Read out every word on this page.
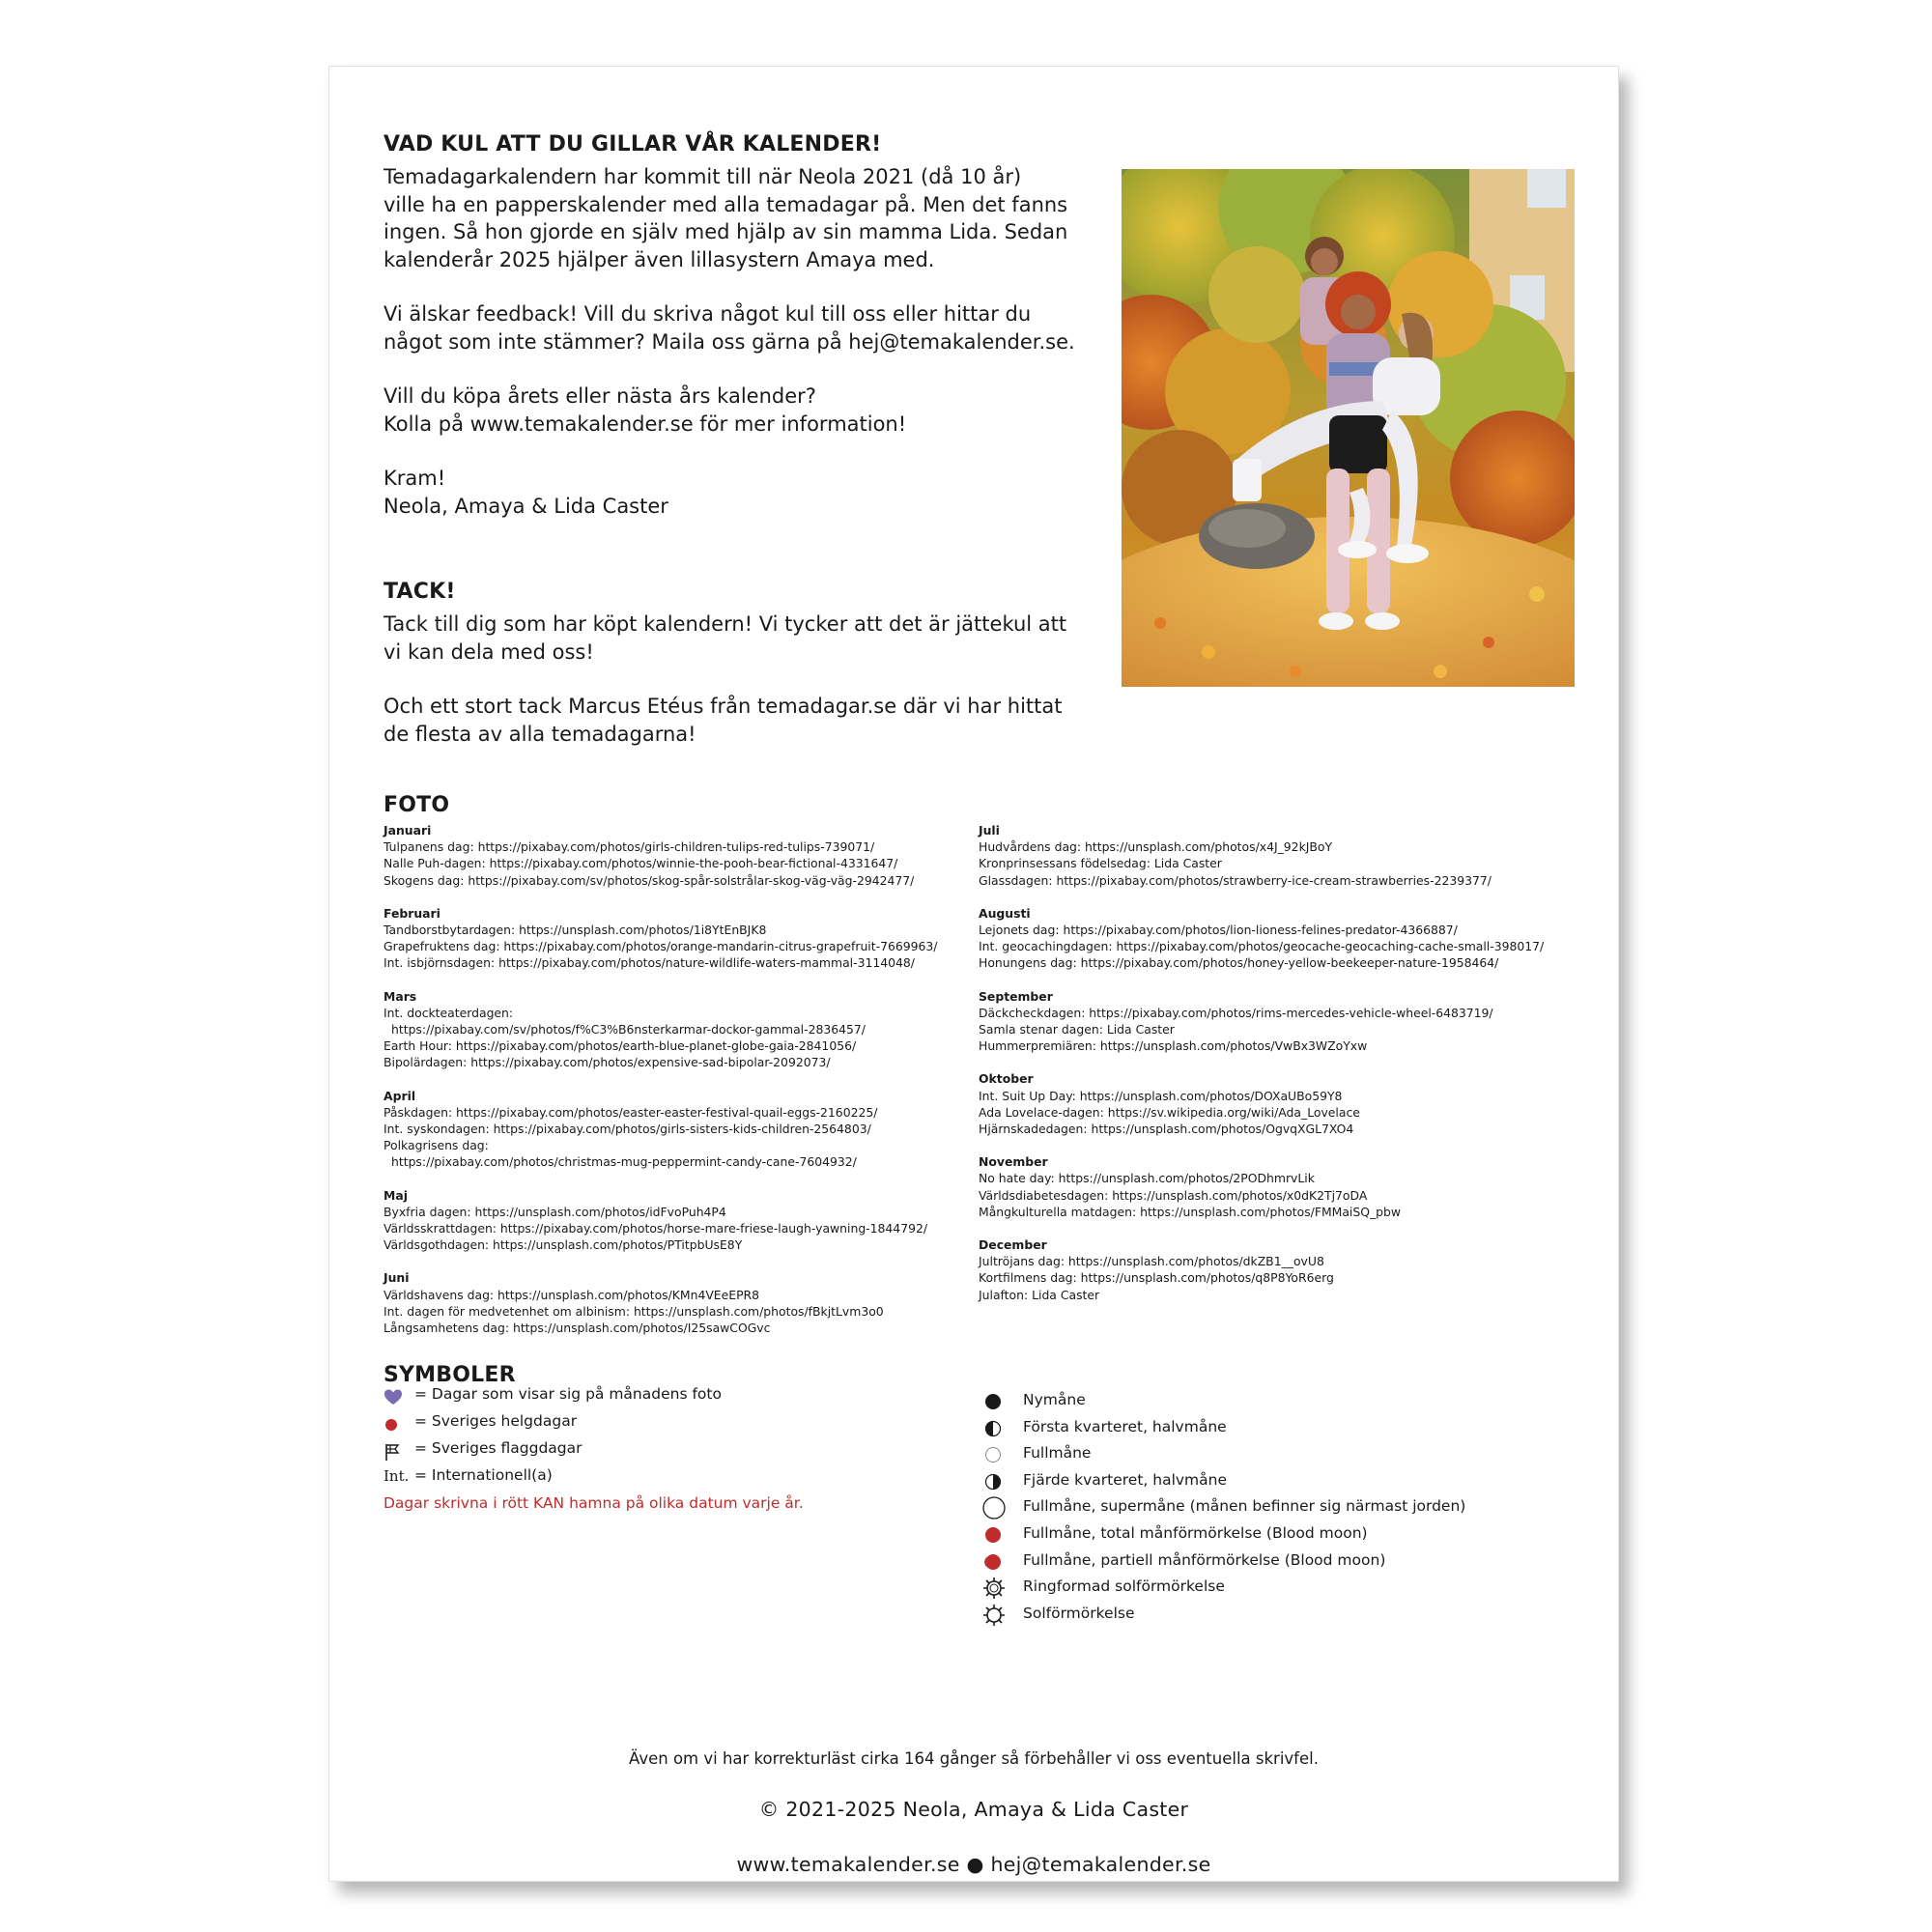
VAD KUL ATT DU GILLAR VÅR KALENDER!

Temadagarkalendern har kommit till när Neola 2021 (då 10 år)
ville ha en papperskalender med alla temadagar på. Men det fanns
ingen. Så hon gjorde en själv med hjälp av sin mamma Lida. Sedan
kalenderår 2025 hjälper även lillasystern Amaya med.

Vi älskar feedback! Vill du skriva något kul till oss eller hittar du
något som inte stämmer? Maila oss gärna på hej@temakalender.se.

Vill du köpa årets eller nästa års kalender?
Kolla på www.temakalender.se för mer information!

Kram!
Neola, Amaya & Lida Caster

TACK!

Tack till dig som har köpt kalendern! Vi tycker att det är jättekul att
vi kan dela med oss!

Och ett stort tack Marcus Etéus från temadagar.se där vi har hittat
de flesta av alla temadagarna!

FOTO
Januari
Tulpanens dag: https://pixabay.com/photos/girls-children-tulips-red-tulips-739071/
Nalle Puh-dagen: https://pixabay.com/photos/winnie-the-pooh-bear-fictional-4331647/
Skogens dag: https://pixabay.com/sv/photos/skog-spår-solstrålar-skog-väg-väg-2942477/
Februari
Tandborstbytardagen: https://unsplash.com/photos/1i8YtEnBJK8
Grapefruktens dag: https://pixabay.com/photos/orange-mandarin-citrus-grapefruit-7669963/
Int. isbjörnsdagen: https://pixabay.com/photos/nature-wildlife-waters-mammal-3114048/
Mars
Int. dockteaterdagen:
https://pixabay.com/sv/photos/f%C3%B6nsterkarmar-dockor-gammal-2836457/
Earth Hour: https://pixabay.com/photos/earth-blue-planet-globe-gaia-2841056/
Bipolärdagen: https://pixabay.com/photos/expensive-sad-bipolar-2092073/
April
Påskdagen: https://pixabay.com/photos/easter-easter-festival-quail-eggs-2160225/
Int. syskondagen: https://pixabay.com/photos/girls-sisters-kids-children-2564803/
Polkagrisens dag:
https://pixabay.com/photos/christmas-mug-peppermint-candy-cane-7604932/
Maj
Byxfria dagen: https://unsplash.com/photos/idFvoPuh4P4
Världsskrattdagen: https://pixabay.com/photos/horse-mare-friese-laugh-yawning-1844792/
Världsgothdagen: https://unsplash.com/photos/PTitpbUsE8Y
Juni
Världshavens dag: https://unsplash.com/photos/KMn4VEeEPR8
Int. dagen för medvetenhet om albinism: https://unsplash.com/photos/fBkjtLvm3o0
Långsamhetens dag: https://unsplash.com/photos/I25sawCOGvc
Juli
Hudvårdens dag: https://unsplash.com/photos/x4J_92kJBoY
Kronprinsessans födelsedag: Lida Caster
Glassdagen: https://pixabay.com/photos/strawberry-ice-cream-strawberries-2239377/
Augusti
Lejonets dag: https://pixabay.com/photos/lion-lioness-felines-predator-4366887/
Int. geocachingdagen: https://pixabay.com/photos/geocache-geocaching-cache-small-398017/
Honungens dag: https://pixabay.com/photos/honey-yellow-beekeeper-nature-1958464/
September
Däckcheckdagen: https://pixabay.com/photos/rims-mercedes-vehicle-wheel-6483719/
Samla stenar dagen: Lida Caster
Hummerpremiären: https://unsplash.com/photos/VwBx3WZoYxw
Oktober
Int. Suit Up Day: https://unsplash.com/photos/DOXaUBo59Y8
Ada Lovelace-dagen: https://sv.wikipedia.org/wiki/Ada_Lovelace
Hjärnskadedagen: https://unsplash.com/photos/OgvqXGL7XO4
November
No hate day: https://unsplash.com/photos/2PODhmrvLik
Världsdiabetesdagen: https://unsplash.com/photos/x0dK2Tj7oDA
Mångkulturella matdagen: https://unsplash.com/photos/FMMaiSQ_pbw
December
Jultröjans dag: https://unsplash.com/photos/dkZB1__ovU8
Kortfilmens dag: https://unsplash.com/photos/q8P8YoR6erg
Julafton: Lida Caster
SYMBOLER
= Dagar som visar sig på månadens foto
= Sveriges helgdagar
= Sveriges flaggdagar
Int. = Internationell(a)
Dagar skrivna i rött KAN hamna på olika datum varje år.
Nymåne
Första kvarteret, halvmåne
Fullmåne
Fjärde kvarteret, halvmåne
Fullmåne, supermåne (månen befinner sig närmast jorden)
Fullmåne, total månförmörkelse (Blood moon)
Fullmåne, partiell månförmörkelse (Blood moon)
Ringformad solförmörkelse
Solförmörkelse
Även om vi har korrekturläst cirka 164 gånger så förbehåller vi oss eventuella skrivfel.
© 2021-2025 Neola, Amaya & Lida Caster
www.temakalender.se ● hej@temakalender.se
